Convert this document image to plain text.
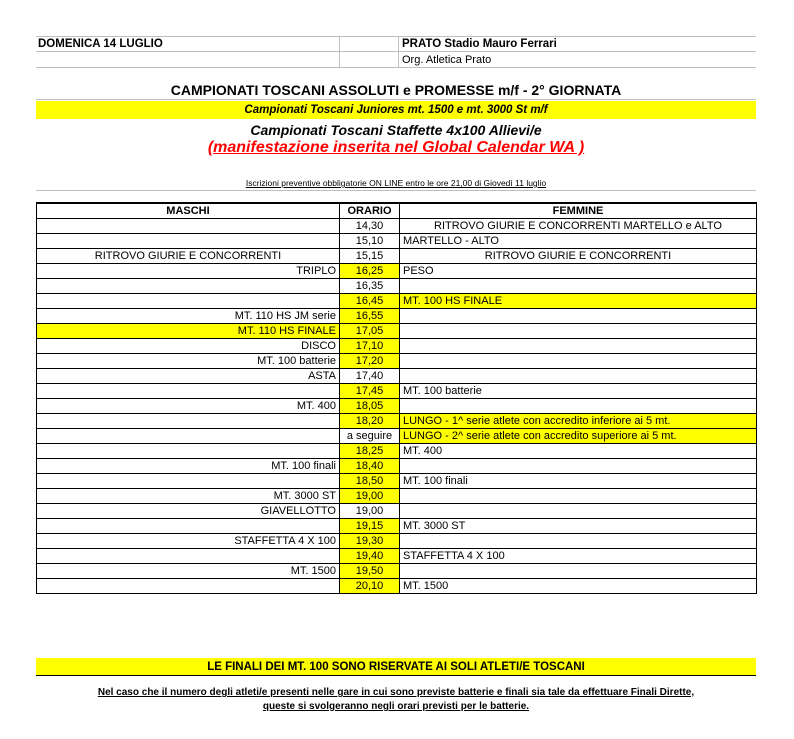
DOMENICA 14 LUGLIO	PRATO Stadio Mauro Ferrari
Org. Atletica Prato
CAMPIONATI TOSCANI ASSOLUTI e PROMESSE m/f - 2° GIORNATA
Campionati Toscani Juniores mt. 1500 e mt. 3000 St m/f
Campionati Toscani Staffette 4x100 Allievi/e
(manifestazione inserita nel Global Calendar WA )
Iscrizioni preventive obbligatorie ON LINE entro le ore 21,00 di Giovedì 11 luglio
MASCHI	ORARIO	FEMMINE
	14,30	RITROVO GIURIE E CONCORRENTI MARTELLO e ALTO
	15,10	MARTELLO - ALTO
RITROVO GIURIE E CONCORRENTI	15,15	RITROVO GIURIE E CONCORRENTI
TRIPLO	16,25	PESO
	16,35	
	16,45	MT. 100 HS FINALE
MT. 110 HS JM serie	16,55	
MT. 110 HS FINALE	17,05	
DISCO	17,10	
MT. 100 batterie	17,20	
ASTA	17,40	
	17,45	MT. 100 batterie
MT. 400	18,05	
	18,20	LUNGO - 1^ serie atlete con accredito inferiore ai 5 mt.
	a seguire	LUNGO - 2^ serie atlete con accredito superiore ai 5 mt.
	18,25	MT. 400
MT. 100 finali	18,40	
	18,50	MT. 100 finali
MT. 3000 ST	19,00	
GIAVELLOTTO	19,00	
	19,15	MT. 3000 ST
STAFFETTA 4 X 100	19,30	
	19,40	STAFFETTA 4 X 100
MT. 1500	19,50	
	20,10	MT. 1500
LE FINALI DEI MT. 100 SONO RISERVATE AI SOLI ATLETI/E TOSCANI
Nel caso che il numero degli atleti/e presenti nelle gare in cui sono previste batterie e finali sia tale da effettuare Finali Dirette,
queste si svolgeranno negli orari previsti per le batterie.
